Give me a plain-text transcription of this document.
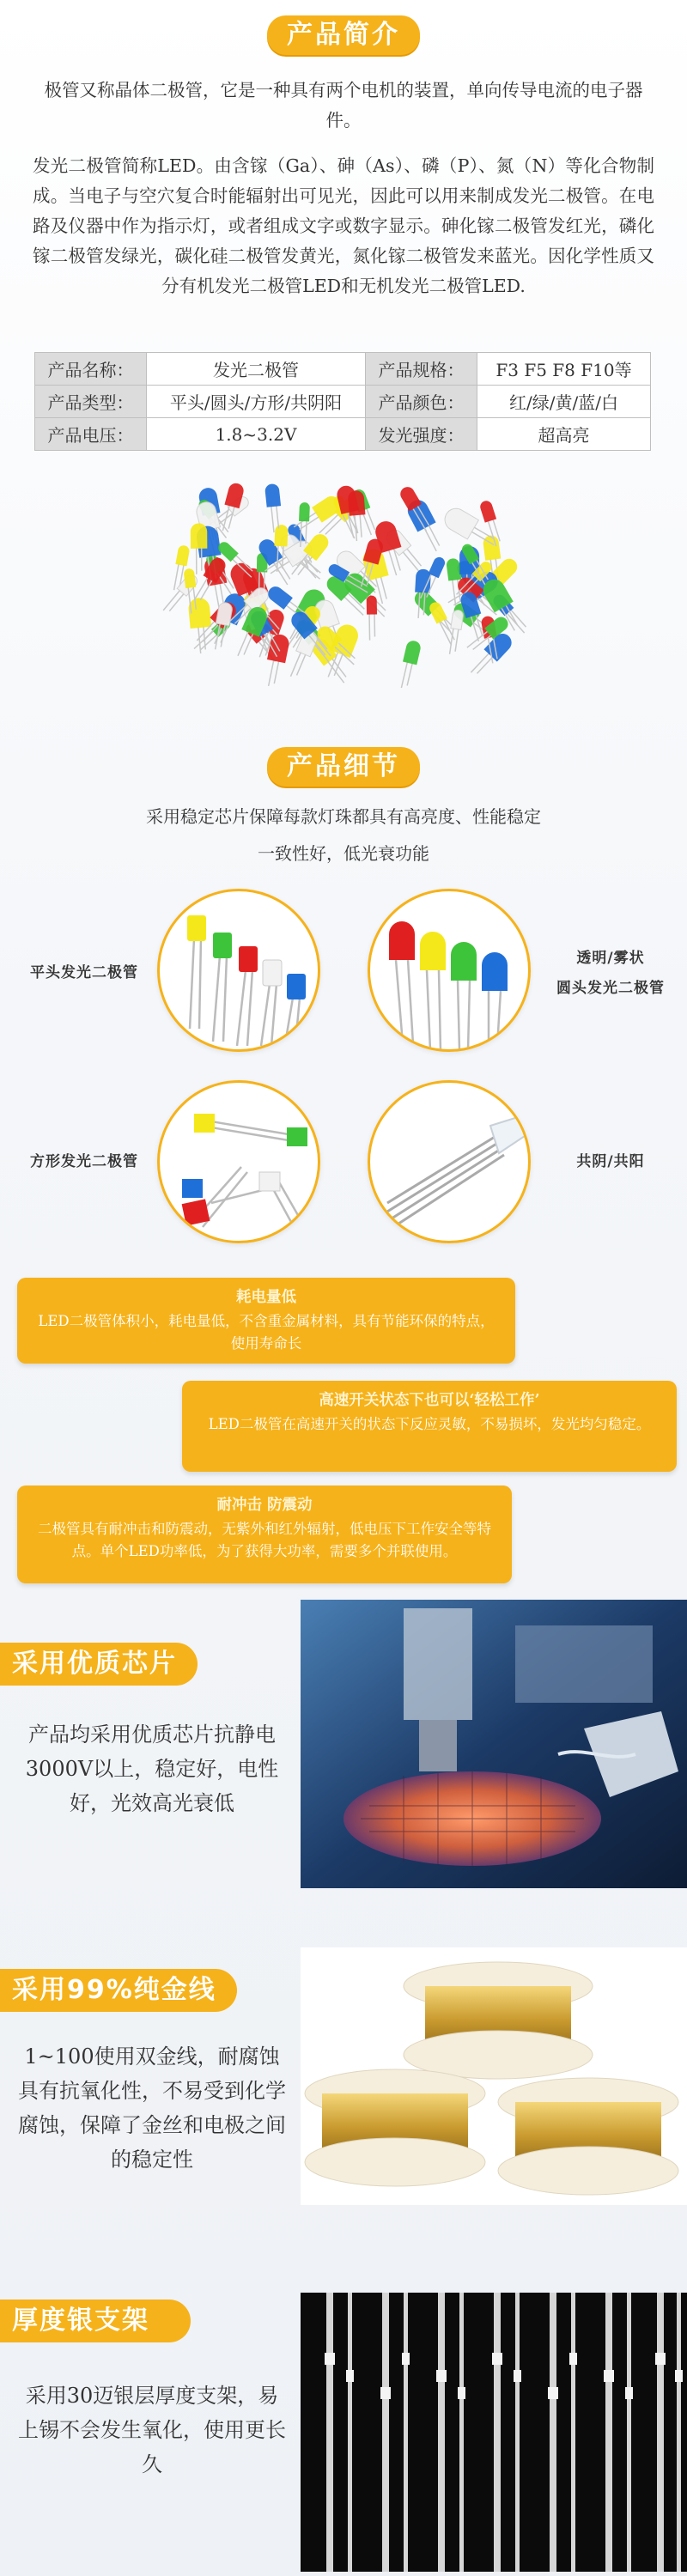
产品简介
极管又称晶体二极管，它是一种具有两个电机的装置，单向传导电流的电子器件。
发光二极管简称LED。由含镓（Ga）、砷（As）、磷（P）、氮（N）等化合物制成。当电子与空穴复合时能辐射出可见光，因此可以用来制成发光二极管。在电路及仪器中作为指示灯，或者组成文字或数字显示。砷化镓二极管发红光，磷化镓二极管发绿光，碳化硅二极管发黄光，氮化镓二极管发来蓝光。因化学性质又分有机发光二极管LED和无机发光二极管LED.
产品名称：	发光二极管	产品规格：	F3 F5 F8 F10等
产品类型：	平头/圆头/方形/共阴阳	产品颜色：	红/绿/黄/蓝/白
产品电压：	1.8~3.2V	发光强度：	超高亮
产品细节
采用稳定芯片保障每款灯珠都具有高亮度、性能稳定
一致性好，低光衰功能
平头发光二极管
透明/雾状
圆头发光二极管
方形发光二极管	共阴/共阳
耗电量低
LED二极管体积小，耗电量低，不含重金属材料，具有节能环保的特点，使用寿命长
高速开关状态下也可以‘轻松工作’
LED二极管在高速开关的状态下反应灵敏，不易损坏，发光均匀稳定。
耐冲击 防震动
二极管具有耐冲击和防震动，无紫外和红外辐射，低电压下工作安全等特点。单个LED功率低，为了获得大功率，需要多个并联使用。
采用优质芯片
产品均采用优质芯片抗静电3000V以上，稳定好，电性好，光效高光衰低
采用99%纯金线
1~100使用双金线，耐腐蚀具有抗氧化性，不易受到化学腐蚀，保障了金丝和电极之间的稳定性
厚度银支架
采用30迈银层厚度支架，易上锡不会发生氧化，使用更长久
